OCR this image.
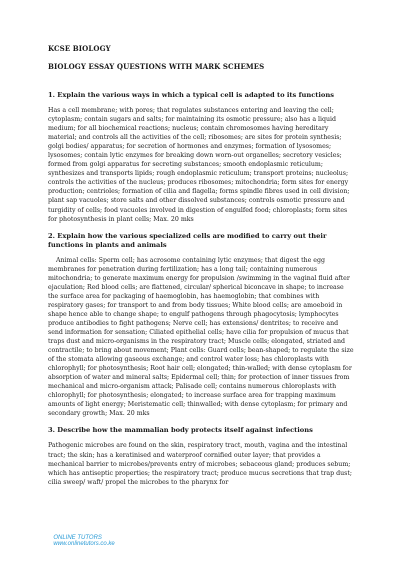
KCSE BIOLOGY

BIOLOGY ESSAY QUESTIONS WITH MARK SCHEMES

1. Explain the various ways in which a typical cell is adapted to its functions

Has a cell membrane; with pores; that regulates substances entering and leaving the cell; cytoplasm; contain sugars and salts; for maintaining its osmotic pressure; also has a liquid medium; for all biochemical reactions; nucleus; contain chromosomes having hereditary material; and controls all the activities of the cell; ribosomes; are sites for protein synthesis; golgi bodies/ apparatus; for secretion of hormones and enzymes; formation of lysosomes; lysosomes; contain lytic enzymes for breaking down worn-out organelles; secretory vesicles; formed from golgi apparatus for secreting substances; smooth endoplasmic reticulum; synthesizes and transports lipids; rough endoplasmic reticulum; transport proteins; nucleolus; controls the activities of the nucleus; produces ribosomes; mitochondria; form sites for energy production; centrioles; formation of cilia and flagella; forms spindle fibres used in cell division; plant sap vacuoles; store salts and other dissolved substances; controls osmotic pressure and turgidity of cells; food vacuoles involved in digestion of engulfed food; chloroplasts; form sites for photosynthesis in plant cells; Max. 20 mks

2. Explain how the various specialized cells are modified to carry out their functions in plants and animals

Animal cells: Sperm cell; has acrosome containing lytic enzymes; that digest the egg membranes for penetration during fertilization; has a long tail; containing numerous mitochondria; to generate maximum energy for propulsion /swimming in the vaginal fluid after ejaculation; Red blood cells; are flattened, circular/ spherical biconcave in shape; to increase the surface area for packaging of haemoglobin, has haemoglobin; that combines with respiratory gases; for transport to and from body tissues; White blood cells; are amoeboid in shape hence able to change shape; to engulf pathogens through phagocytosis; lymphocytes produce antibodies to fight pathogens; Nerve cell; has extensions/ dentrites; to receive and send information for sensation; Ciliated epithelial cells; have cilia for propulsion of mucus that traps dust and micro-organisms in the respiratory tract; Muscle cells; elongated, striated and contractile; to bring about movement; Plant cells: Guard cells; bean-shaped; to regulate the size of the stomata allowing gaseous exchange; and control water loss; has chloroplasts with chlorophyll; for photosynthesis; Root hair cell; elongated; thin-walled; with dense cytoplasm for absorption of water and mineral salts; Epidermal cell; thin; for protection of inner tissues from mechanical and micro-organism attack; Palisade cell; contains numerous chloroplasts with chlorophyll; for photosynthesis; elongated; to increase surface area for trapping maximum amounts of light energy; Meristematic cell; thinwalled; with dense cytoplasm; for primary and secondary growth; Max. 20 mks

3. Describe how the mammalian body protects itself against infections

Pathogenic microbes are found on the skin, respiratory tract, mouth, vagina and the intestinal tract; the skin; has a keratinised and waterproof cornified outer layer; that provides a mechanical barrier to microbes/prevents entry of microbes; sebaceous gland; produces sebum; which has antiseptic properties; the respiratory tract; produce mucus secretions that trap dust; cilia sweep/ waft/ propel the microbes to the pharynx for

ONLINE TUTORS
www.onlinetutors.co.ke
